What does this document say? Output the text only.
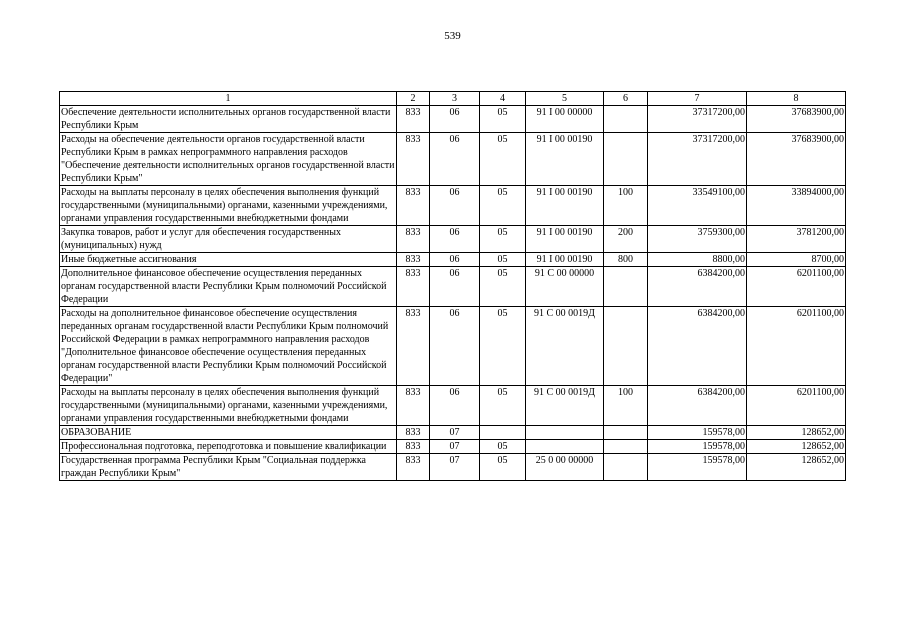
539
1	2	3	4	5	6	7	8
Обеспечение деятельности исполнительных органов государственной власти Республики Крым	833	06	05	91 I 00 00000		37317200,00	37683900,00
Расходы на обеспечение деятельности органов государственной власти Республики Крым в рамках непрограммного направления расходов "Обеспечение деятельности исполнительных органов государственной власти Республики Крым"	833	06	05	91 I 00 00190		37317200,00	37683900,00
Расходы на выплаты персоналу в целях обеспечения выполнения функций государственными (муниципальными) органами, казенными учреждениями, органами управления государственными внебюджетными фондами	833	06	05	91 I 00 00190	100	33549100,00	33894000,00
Закупка товаров, работ и услуг для обеспечения государственных (муниципальных) нужд	833	06	05	91 I 00 00190	200	3759300,00	3781200,00
Иные бюджетные ассигнования	833	06	05	91 I 00 00190	800	8800,00	8700,00
Дополнительное финансовое обеспечение осуществления переданных органам государственной власти Республики Крым полномочий Российской Федерации	833	06	05	91 С 00 00000		6384200,00	6201100,00
Расходы на дополнительное финансовое обеспечение осуществления переданных органам государственной власти Республики Крым полномочий Российской Федерации в рамках непрограммного направления расходов "Дополнительное финансовое обеспечение осуществления переданных органам государственной власти Республики Крым полномочий Российской Федерации"	833	06	05	91 С 00 0019Д		6384200,00	6201100,00
Расходы на выплаты персоналу в целях обеспечения выполнения функций государственными (муниципальными) органами, казенными учреждениями, органами управления государственными внебюджетными фондами	833	06	05	91 С 00 0019Д	100	6384200,00	6201100,00
ОБРАЗОВАНИЕ	833	07				159578,00	128652,00
Профессиональная подготовка, переподготовка и повышение квалификации	833	07	05			159578,00	128652,00
Государственная программа Республики Крым "Социальная поддержка граждан Республики Крым"	833	07	05	25 0 00 00000		159578,00	128652,00
